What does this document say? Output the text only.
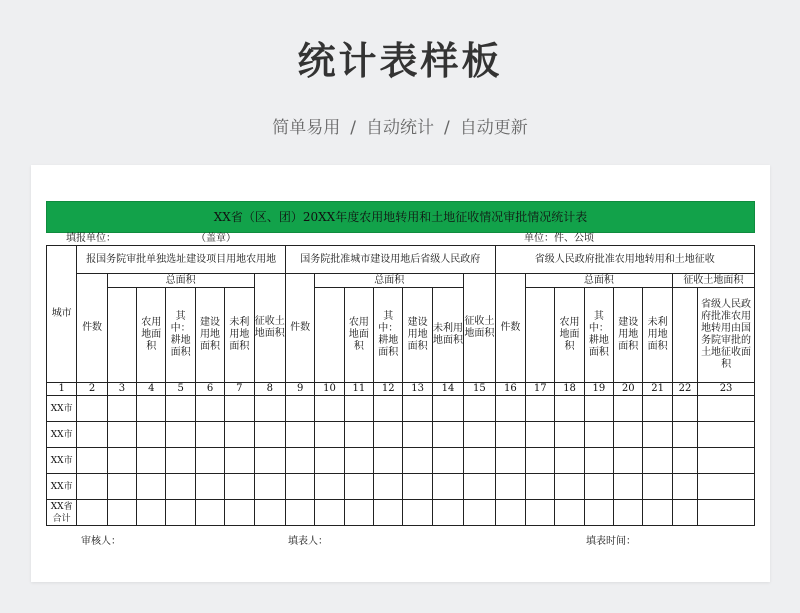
统计表样板
简单易用 / 自动统计 / 自动更新
XX省（区、团）20XX年度农用地转用和土地征收情况审批情况统计表
填报单位：	（盖章）	单位：件、公顷
城市	报国务院审批单独选址建设项目用地农用地							国务院批准城市建设用地后省级人民政府							省级人民政府批准农用地转用和土地征收							
	件数	总面积					征收土地面积	件数	总面积					征收土地面积	件数	总面积					征收土地面积	
			农用地面积	其中：耕地面积	建设用地面积	未利用地面积				农用地面积	其中：耕地面积	建设用地面积	未利用地面积				农用地面积	其中：耕地面积	建设用地面积	未利用地面积		省级人民政府批准农用地转用由国务院审批的土地征收面积
1	2	3	4	5	6	7	8	9	10	11	12	13	14	15	16	17	18	19	20	21	22	23
XX市																						
XX市																						
XX市																						
XX市																						
XX省合计																						
审核人：	填表人：	填表时间：
